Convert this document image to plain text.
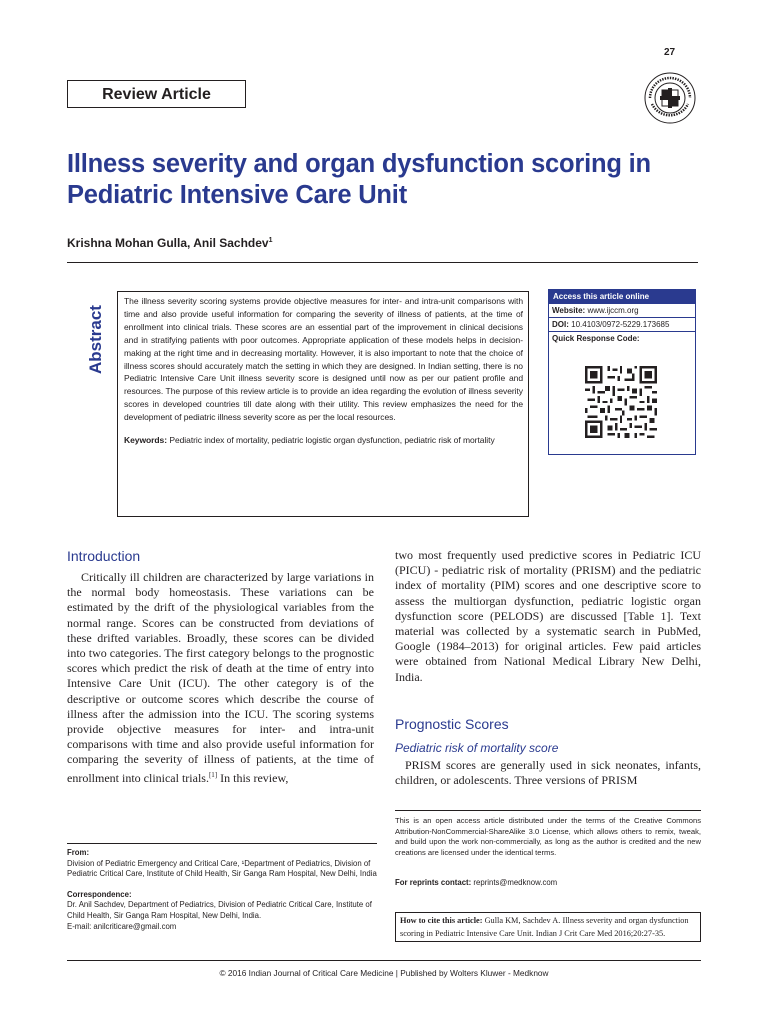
27
Review Article
Illness severity and organ dysfunction scoring in
Pediatric Intensive Care Unit
Krishna Mohan Gulla, Anil Sachdev$^1$
Abstract
The illness severity scoring systems provide objective measures for inter- and intra-unit comparisons with time and also provide useful information for comparing the severity of illness of patients, at the time of enrollment into clinical trials. These scores are an essential part of the improvement in clinical decisions and in stratifying patients with poor outcomes. Appropriate application of these models helps in decision-making at the right time and in decreasing mortality. However, it is also important to note that the choice of illness scores should accurately match the setting in which they are designed. In Indian setting, there is no Pediatric Intensive Care Unit illness severity score is designed until now as per our patient profile and resources. The purpose of this review article is to provide an idea regarding the evolution of illness severity scores in developed countries till date along with their utility. This review emphasizes the need for the development of pediatric illness severity score as per the local resources.
Keywords: Pediatric index of mortality, pediatric logistic organ dysfunction, pediatric risk of mortality
Access this article online
Website: www.ijccm.org
DOI: 10.4103/0972-5229.173685
Quick Response Code:
Introduction
Critically ill children are characterized by large variations in the normal body homeostasis. These variations can be estimated by the drift of the physiological variables from the normal range. Scores can be constructed from deviations of these drifted variables. Broadly, these scores can be divided into two categories. The first category belongs to the prognostic scores which predict the risk of death at the time of entry into Intensive Care Unit (ICU). The other category is of the descriptive or outcome scores which describe the course of illness after the admission into the ICU. The scoring systems provide objective measures for inter- and intra-unit comparisons with time and also provide useful information for comparing the severity of illness of patients, at the time of enrollment into clinical trials.[1] In this review,
two most frequently used predictive scores in Pediatric ICU (PICU) - pediatric risk of mortality (PRISM) and the pediatric index of mortality (PIM) scores and one descriptive score to assess the multiorgan dysfunction, pediatric logistic organ dysfunction score (PELODS) are discussed [Table 1]. Text material was collected by a systematic search in PubMed, Google (1984–2013) for original articles. Few paid articles were obtained from National Medical Library New Delhi, India.
Prognostic Scores
Pediatric risk of mortality score
PRISM scores are generally used in sick neonates, infants, children, or adolescents. Three versions of PRISM
This is an open access article distributed under the terms of the Creative Commons Attribution-NonCommercial-ShareAlike 3.0 License, which allows others to remix, tweak, and build upon the work non-commercially, as long as the author is credited and the new creations are licensed under the identical terms.
For reprints contact: reprints@medknow.com
From:
Division of Pediatric Emergency and Critical Care, ¹Department of Pediatrics, Division of Pediatric Critical Care, Institute of Child Health, Sir Ganga Ram Hospital, New Delhi, India
Correspondence:
Dr. Anil Sachdev, Department of Pediatrics, Division of Pediatric Critical Care, Institute of Child Health, Sir Ganga Ram Hospital, New Delhi, India.
E-mail: anilcriticare@gmail.com
How to cite this article: Gulla KM, Sachdev A. Illness severity and organ dysfunction scoring in Pediatric Intensive Care Unit. Indian J Crit Care Med 2016;20:27-35.
© 2016 Indian Journal of Critical Care Medicine | Published by Wolters Kluwer - Medknow
